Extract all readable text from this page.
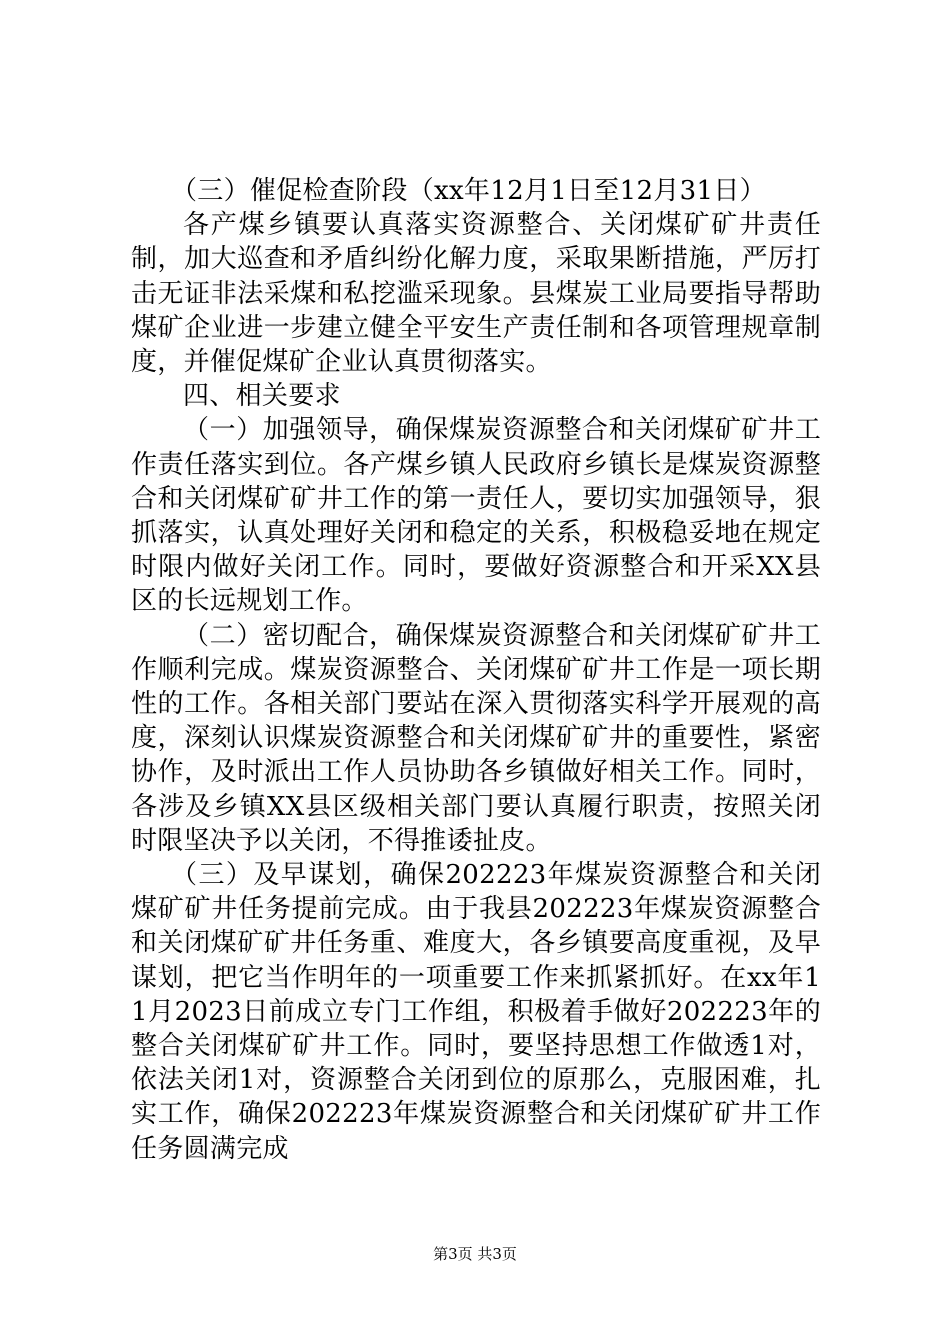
（三）催促检查阶段（xx年12月1日至12月31日）

各产煤乡镇要认真落实资源整合、关闭煤矿矿井责任制，加大巡查和矛盾纠纷化解力度，采取果断措施，严厉打击无证非法采煤和私挖滥采现象。县煤炭工业局要指导帮助煤矿企业进一步建立健全平安生产责任制和各项管理规章制度，并催促煤矿企业认真贯彻落实。

四、相关要求

（一）加强领导，确保煤炭资源整合和关闭煤矿矿井工作责任落实到位。各产煤乡镇人民政府乡镇长是煤炭资源整合和关闭煤矿矿井工作的第一责任人，要切实加强领导，狠抓落实，认真处理好关闭和稳定的关系，积极稳妥地在规定时限内做好关闭工作。同时，要做好资源整合和开采XX县区的长远规划工作。

（二）密切配合，确保煤炭资源整合和关闭煤矿矿井工作顺利完成。煤炭资源整合、关闭煤矿矿井工作是一项长期性的工作。各相关部门要站在深入贯彻落实科学开展观的高度，深刻认识煤炭资源整合和关闭煤矿矿井的重要性，紧密协作，及时派出工作人员协助各乡镇做好相关工作。同时，各涉及乡镇XX县区级相关部门要认真履行职责，按照关闭时限坚决予以关闭，不得推诿扯皮。

（三）及早谋划，确保202223年煤炭资源整合和关闭煤矿矿井任务提前完成。由于我县202223年煤炭资源整合和关闭煤矿矿井任务重、难度大，各乡镇要高度重视，及早谋划，把它当作明年的一项重要工作来抓紧抓好。在xx年11月2023日前成立专门工作组，积极着手做好202223年的整合关闭煤矿矿井工作。同时，要坚持思想工作做透1对，依法关闭1对，资源整合关闭到位的原那么，克服困难，扎实工作，确保202223年煤炭资源整合和关闭煤矿矿井工作任务圆满完成

第3页 共3页
